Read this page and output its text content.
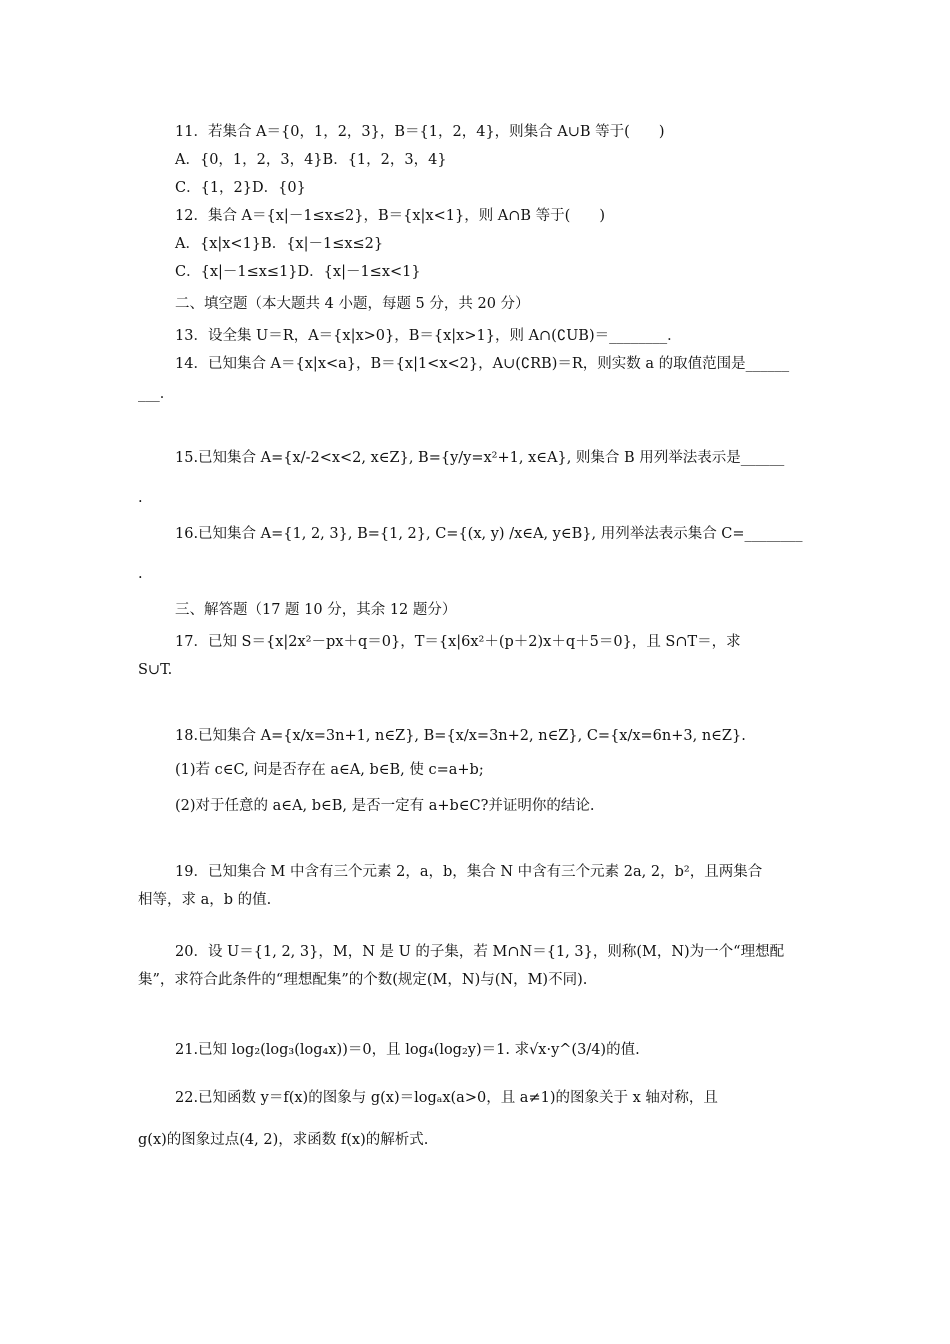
11．若集合 A＝{0，1，2，3}，B＝{1，2，4}，则集合 A∪B 等于(　　)
A．{0，1，2，3，4}B．{1，2，3，4}
C．{1，2}D．{0}
12．集合 A＝{x|－1≤x≤2}，B＝{x|x<1}，则 A∩B 等于(　　)
A．{x|x<1}B．{x|－1≤x≤2}
C．{x|－1≤x≤1}D．{x|－1≤x<1}
二、填空题（本大题共 4 小题，每题 5 分，共 20 分）
13．设全集 U＝R，A＝{x|x>0}，B＝{x|x>1}，则 A∩(∁UB)＝________．
14．已知集合 A＝{x|x<a}，B＝{x|1<x<2}，A∪(∁RB)＝R，则实数 a 的取值范围是______
___．
15.已知集合 A={x/-2<x<2, x∈Z}, B={y/y=x²+1, x∈A}, 则集合 B 用列举法表示是______
.
16.已知集合 A={1, 2, 3}, B={1, 2}, C={(x, y) /x∈A, y∈B}, 用列举法表示集合 C=________
.
三、解答题（17 题 10 分，其余 12 题分）
17．已知 S＝{x|2x²－px＋q＝0}，T＝{x|6x²＋(p＋2)x＋q＋5＝0}，且 S∩T＝，求
S∪T.
18.已知集合 A={x/x=3n+1, n∈Z}, B={x/x=3n+2, n∈Z}, C={x/x=6n+3, n∈Z}.
(1)若 c∈C, 问是否存在 a∈A, b∈B, 使 c=a+b;
(2)对于任意的 a∈A, b∈B, 是否一定有 a+b∈C?并证明你的结论.
19．已知集合 M 中含有三个元素 2，a，b，集合 N 中含有三个元素 2a, 2，b²，且两集合
相等，求 a，b 的值.
20．设 U＝{1, 2, 3}，M，N 是 U 的子集，若 M∩N＝{1, 3}，则称(M，N)为一个“理想配
集”，求符合此条件的“理想配集”的个数(规定(M，N)与(N，M)不同).
21.已知 log₂(log₃(log₄x))＝0，且 log₄(log₂y)＝1. 求√x·y^(3/4)的值.
22.已知函数 y＝f(x)的图象与 g(x)＝logₐx(a>0，且 a≠1)的图象关于 x 轴对称，且
g(x)的图象过点(4, 2)，求函数 f(x)的解析式.
